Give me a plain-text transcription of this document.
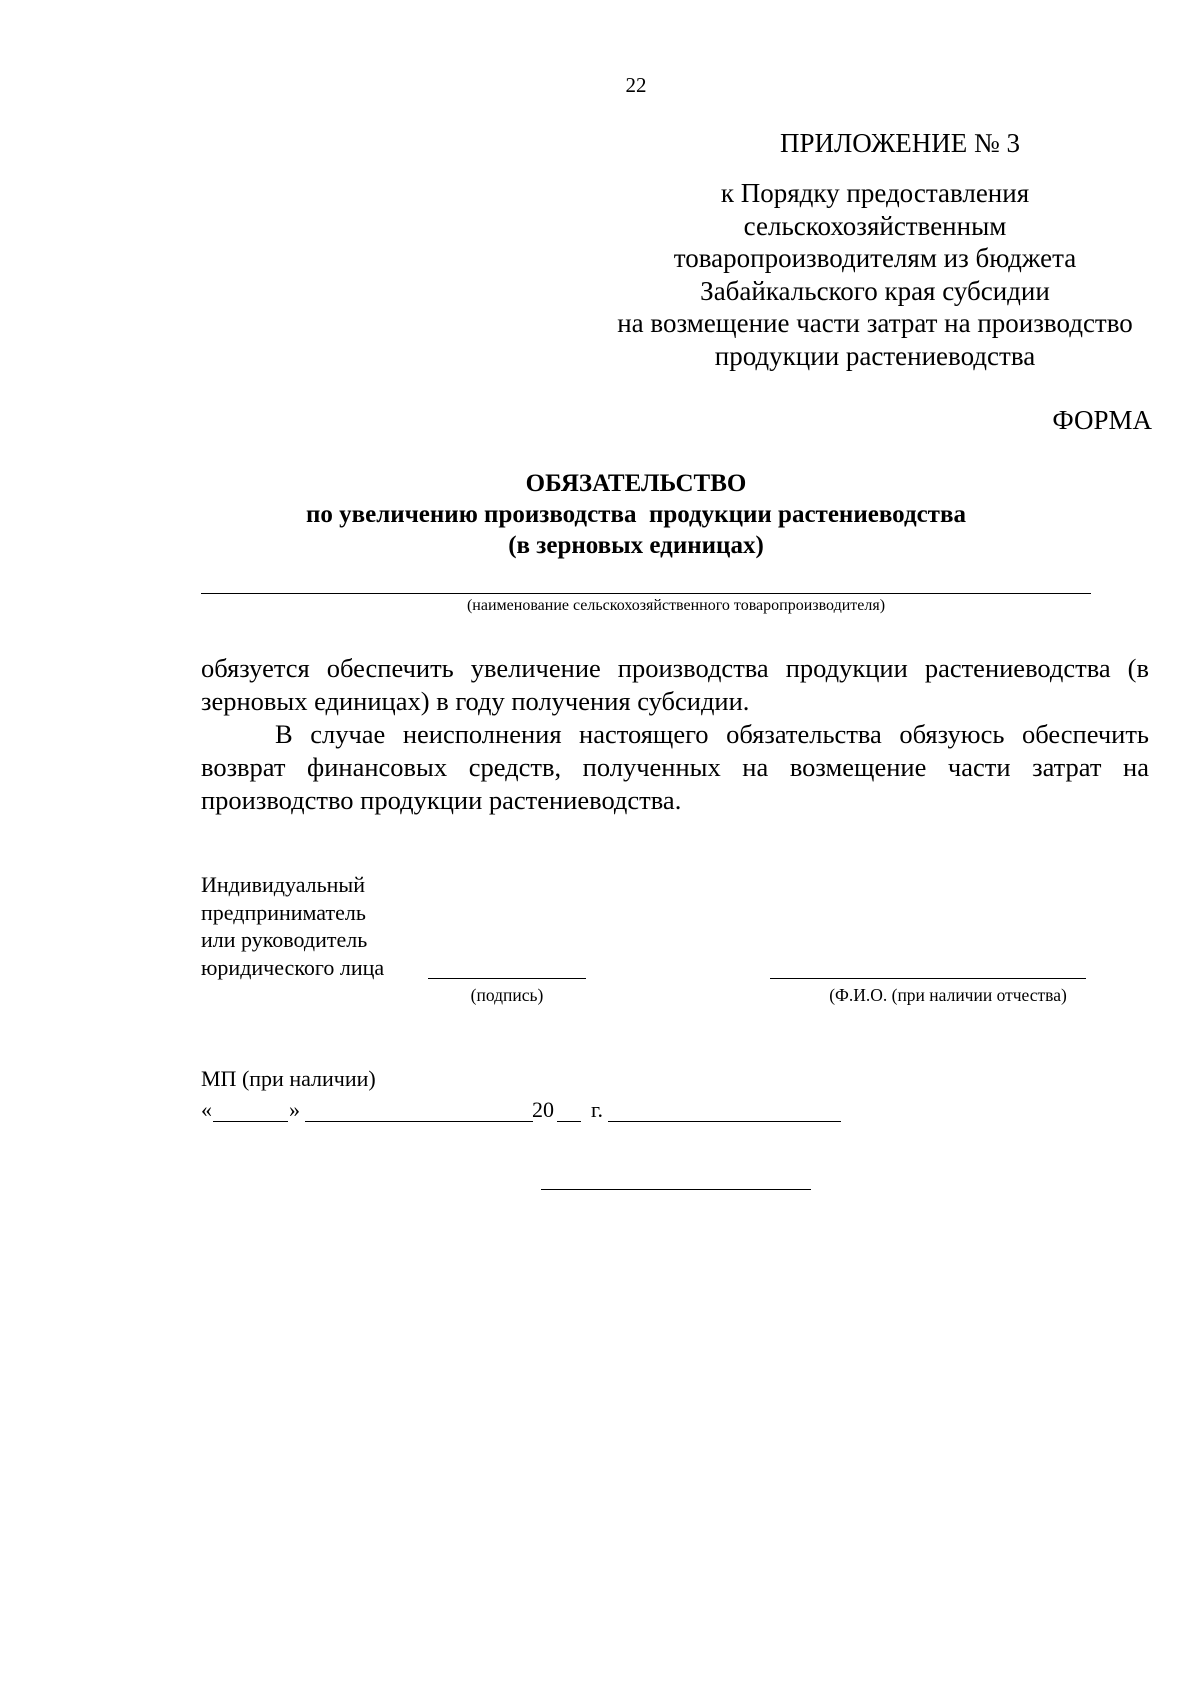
22
ПРИЛОЖЕНИЕ № 3
к Порядку предоставления
сельскохозяйственным
товаропроизводителям из бюджета
Забайкальского края субсидии
на возмещение части затрат на производство
продукции растениеводства
ФОРМА
ОБЯЗАТЕЛЬСТВО
по увеличению производства  продукции растениеводства
(в зерновых единицах)
(наименование сельскохозяйственного товаропроизводителя)

обязуется обеспечить увеличение производства продукции растениеводства (в зерновых единицах) в году получения субсидии.

В случае неисполнения настоящего обязательства обязуюсь обеспечить возврат финансовых средств, полученных на возмещение части затрат на производство продукции растениеводства.

Индивидуальный
предприниматель
или руководитель
юридического лица
(подпись)	(Ф.И.О. (при наличии отчества)
МП (при наличии)
«	»	20 г.
